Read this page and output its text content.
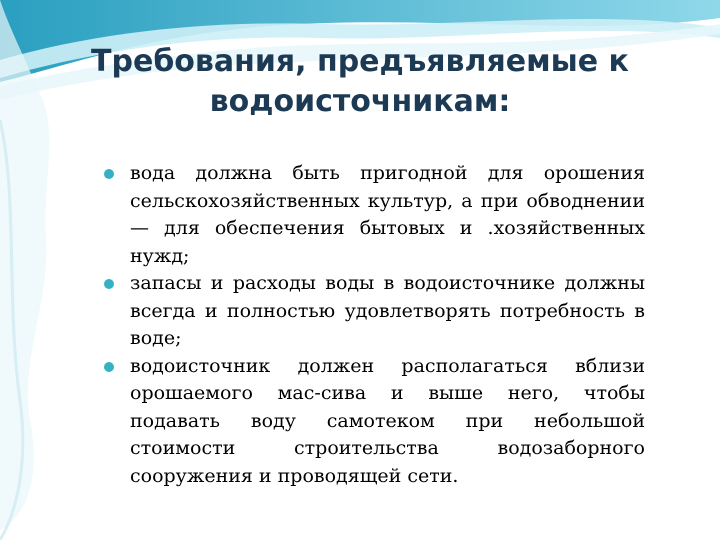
Требования, предъявляемые к
водоисточникам:
вода должна быть пригодной для орошения сельскохозяйственных культур, а при обводнении — для обеспечения бытовых и .хозяйственных нужд;
запасы и расходы воды в водоисточнике должны всегда и полностью удовлетворять потребность в воде;
водоисточник должен располагаться вблизи орошаемого мас-сива и выше него, чтобы подавать воду самотеком при небольшой стоимости строительства водозаборного сооружения и проводящей сети.
